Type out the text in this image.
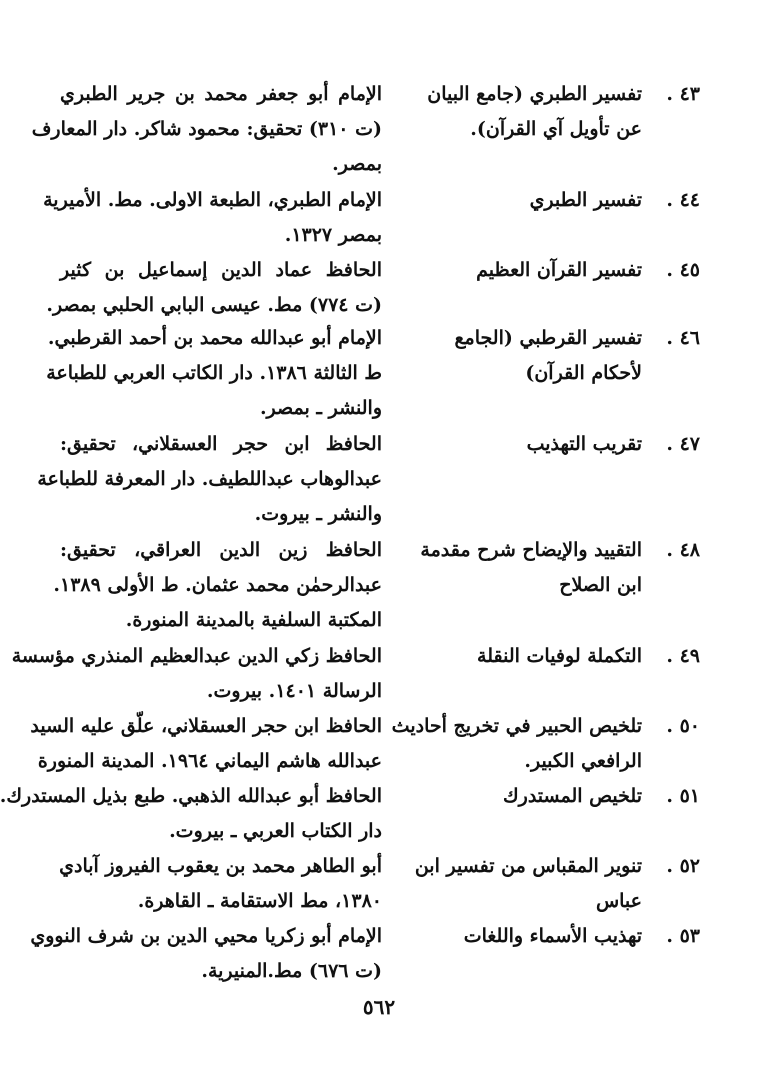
٤٣ .
تفسير الطبري (جامع البيان
عن تأويل آي القرآن).
الإمام أبو جعفر محمد بن جرير الطبري
(ت ٣١٠) تحقيق: محمود شاكر. دار المعارف
بمصر.
٤٤ .
تفسير الطبري
الإمام الطبري، الطبعة الاولى. مط. الأميرية
بمصر ١٣٢٧.
٤٥ .
تفسير القرآن العظيم
الحافظ عماد الدين إسماعيل بن كثير
(ت ٧٧٤) مط. عيسى البابي الحلبي بمصر.
٤٦ .
تفسير القرطبي (الجامع
لأحكام القرآن)
الإمام أبو عبدالله محمد بن أحمد القرطبي.
ط الثالثة ١٣٨٦. دار الكاتب العربي للطباعة
والنشر ـ بمصر.
٤٧ .
تقريب التهذيب
الحافظ ابن حجر العسقلاني، تحقيق:
عبدالوهاب عبداللطيف. دار المعرفة للطباعة
والنشر ـ بيروت.
٤٨ .
التقييد والإيضاح شرح مقدمة
ابن الصلاح
الحافظ زين الدين العراقي، تحقيق:
عبدالرحمٰن محمد عثمان. ط الأولى ١٣٨٩.
المكتبة السلفية بالمدينة المنورة.
٤٩ .
التكملة لوفيات النقلة
الحافظ زكي الدين عبدالعظيم المنذري مؤسسة
الرسالة ١٤٠١. بيروت.
٥٠ .
تلخيص الحبير في تخريج أحاديث
الرافعي الكبير.
الحافظ ابن حجر العسقلاني، علّق عليه السيد
عبدالله هاشم اليماني ١٩٦٤. المدينة المنورة
٥١ .
تلخيص المستدرك
الحافظ أبو عبدالله الذهبي. طبع بذيل المستدرك.
دار الكتاب العربي ـ بيروت.
٥٢ .
تنوير المقباس من تفسير ابن
عباس
أبو الطاهر محمد بن يعقوب الفيروز آبادي
١٣٨٠، مط الاستقامة ـ القاهرة.
٥٣ .
تهذيب الأسماء واللغات
الإمام أبو زكريا محيي الدين بن شرف النووي
(ت ٦٧٦) مط.المنيرية.
٥٦٢
